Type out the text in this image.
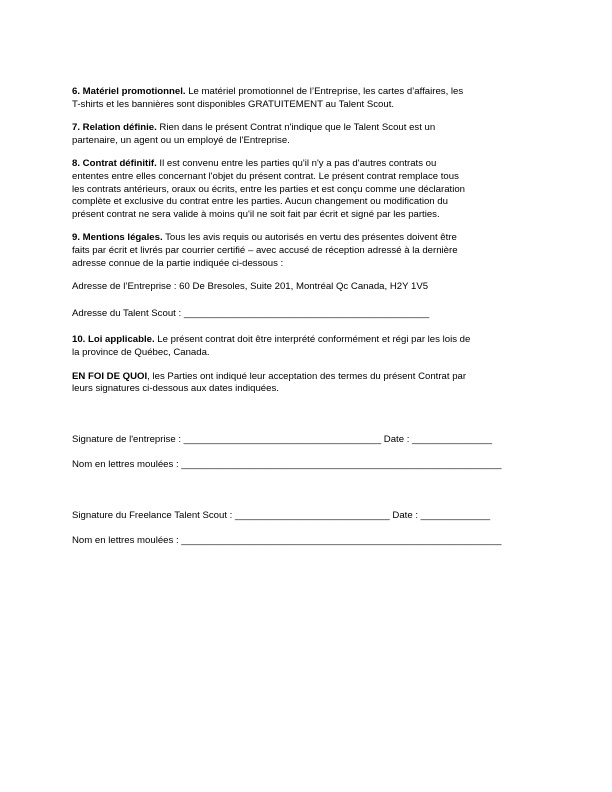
6. Matériel promotionnel. Le matériel promotionnel de l’Entreprise, les cartes d’affaires, les
T-shirts et les bannières sont disponibles GRATUITEMENT au Talent Scout.
7. Relation définie. Rien dans le présent Contrat n'indique que le Talent Scout est un
partenaire, un agent ou un employé de l'Entreprise.
8. Contrat définitif. Il est convenu entre les parties qu'il n'y a pas d'autres contrats ou
ententes entre elles concernant l'objet du présent contrat. Le présent contrat remplace tous
les contrats antérieurs, oraux ou écrits, entre les parties et est conçu comme une déclaration
complète et exclusive du contrat entre les parties. Aucun changement ou modification du
présent contrat ne sera valide à moins qu'il ne soit fait par écrit et signé par les parties.
9. Mentions légales. Tous les avis requis ou autorisés en vertu des présentes doivent être
faits par écrit et livrés par courrier certifié – avec accusé de réception adressé à la dernière
adresse connue de la partie indiquée ci-dessous :
Adresse de l’Entreprise : 60 De Bresoles, Suite 201, Montréal Qc Canada, H2Y 1V5
Adresse du Talent Scout : ______________________________________________
10. Loi applicable. Le présent contrat doit être interprété conformément et régi par les lois de
la province de Québec, Canada.
EN FOI DE QUOI, les Parties ont indiqué leur acceptation des termes du présent Contrat par
leurs signatures ci-dessous aux dates indiquées.
Signature de l'entreprise : _____________________________________ Date : _______________
Nom en lettres moulées : ____________________________________________________________
Signature du Freelance Talent Scout : _____________________________ Date : _____________
Nom en lettres moulées : ____________________________________________________________
